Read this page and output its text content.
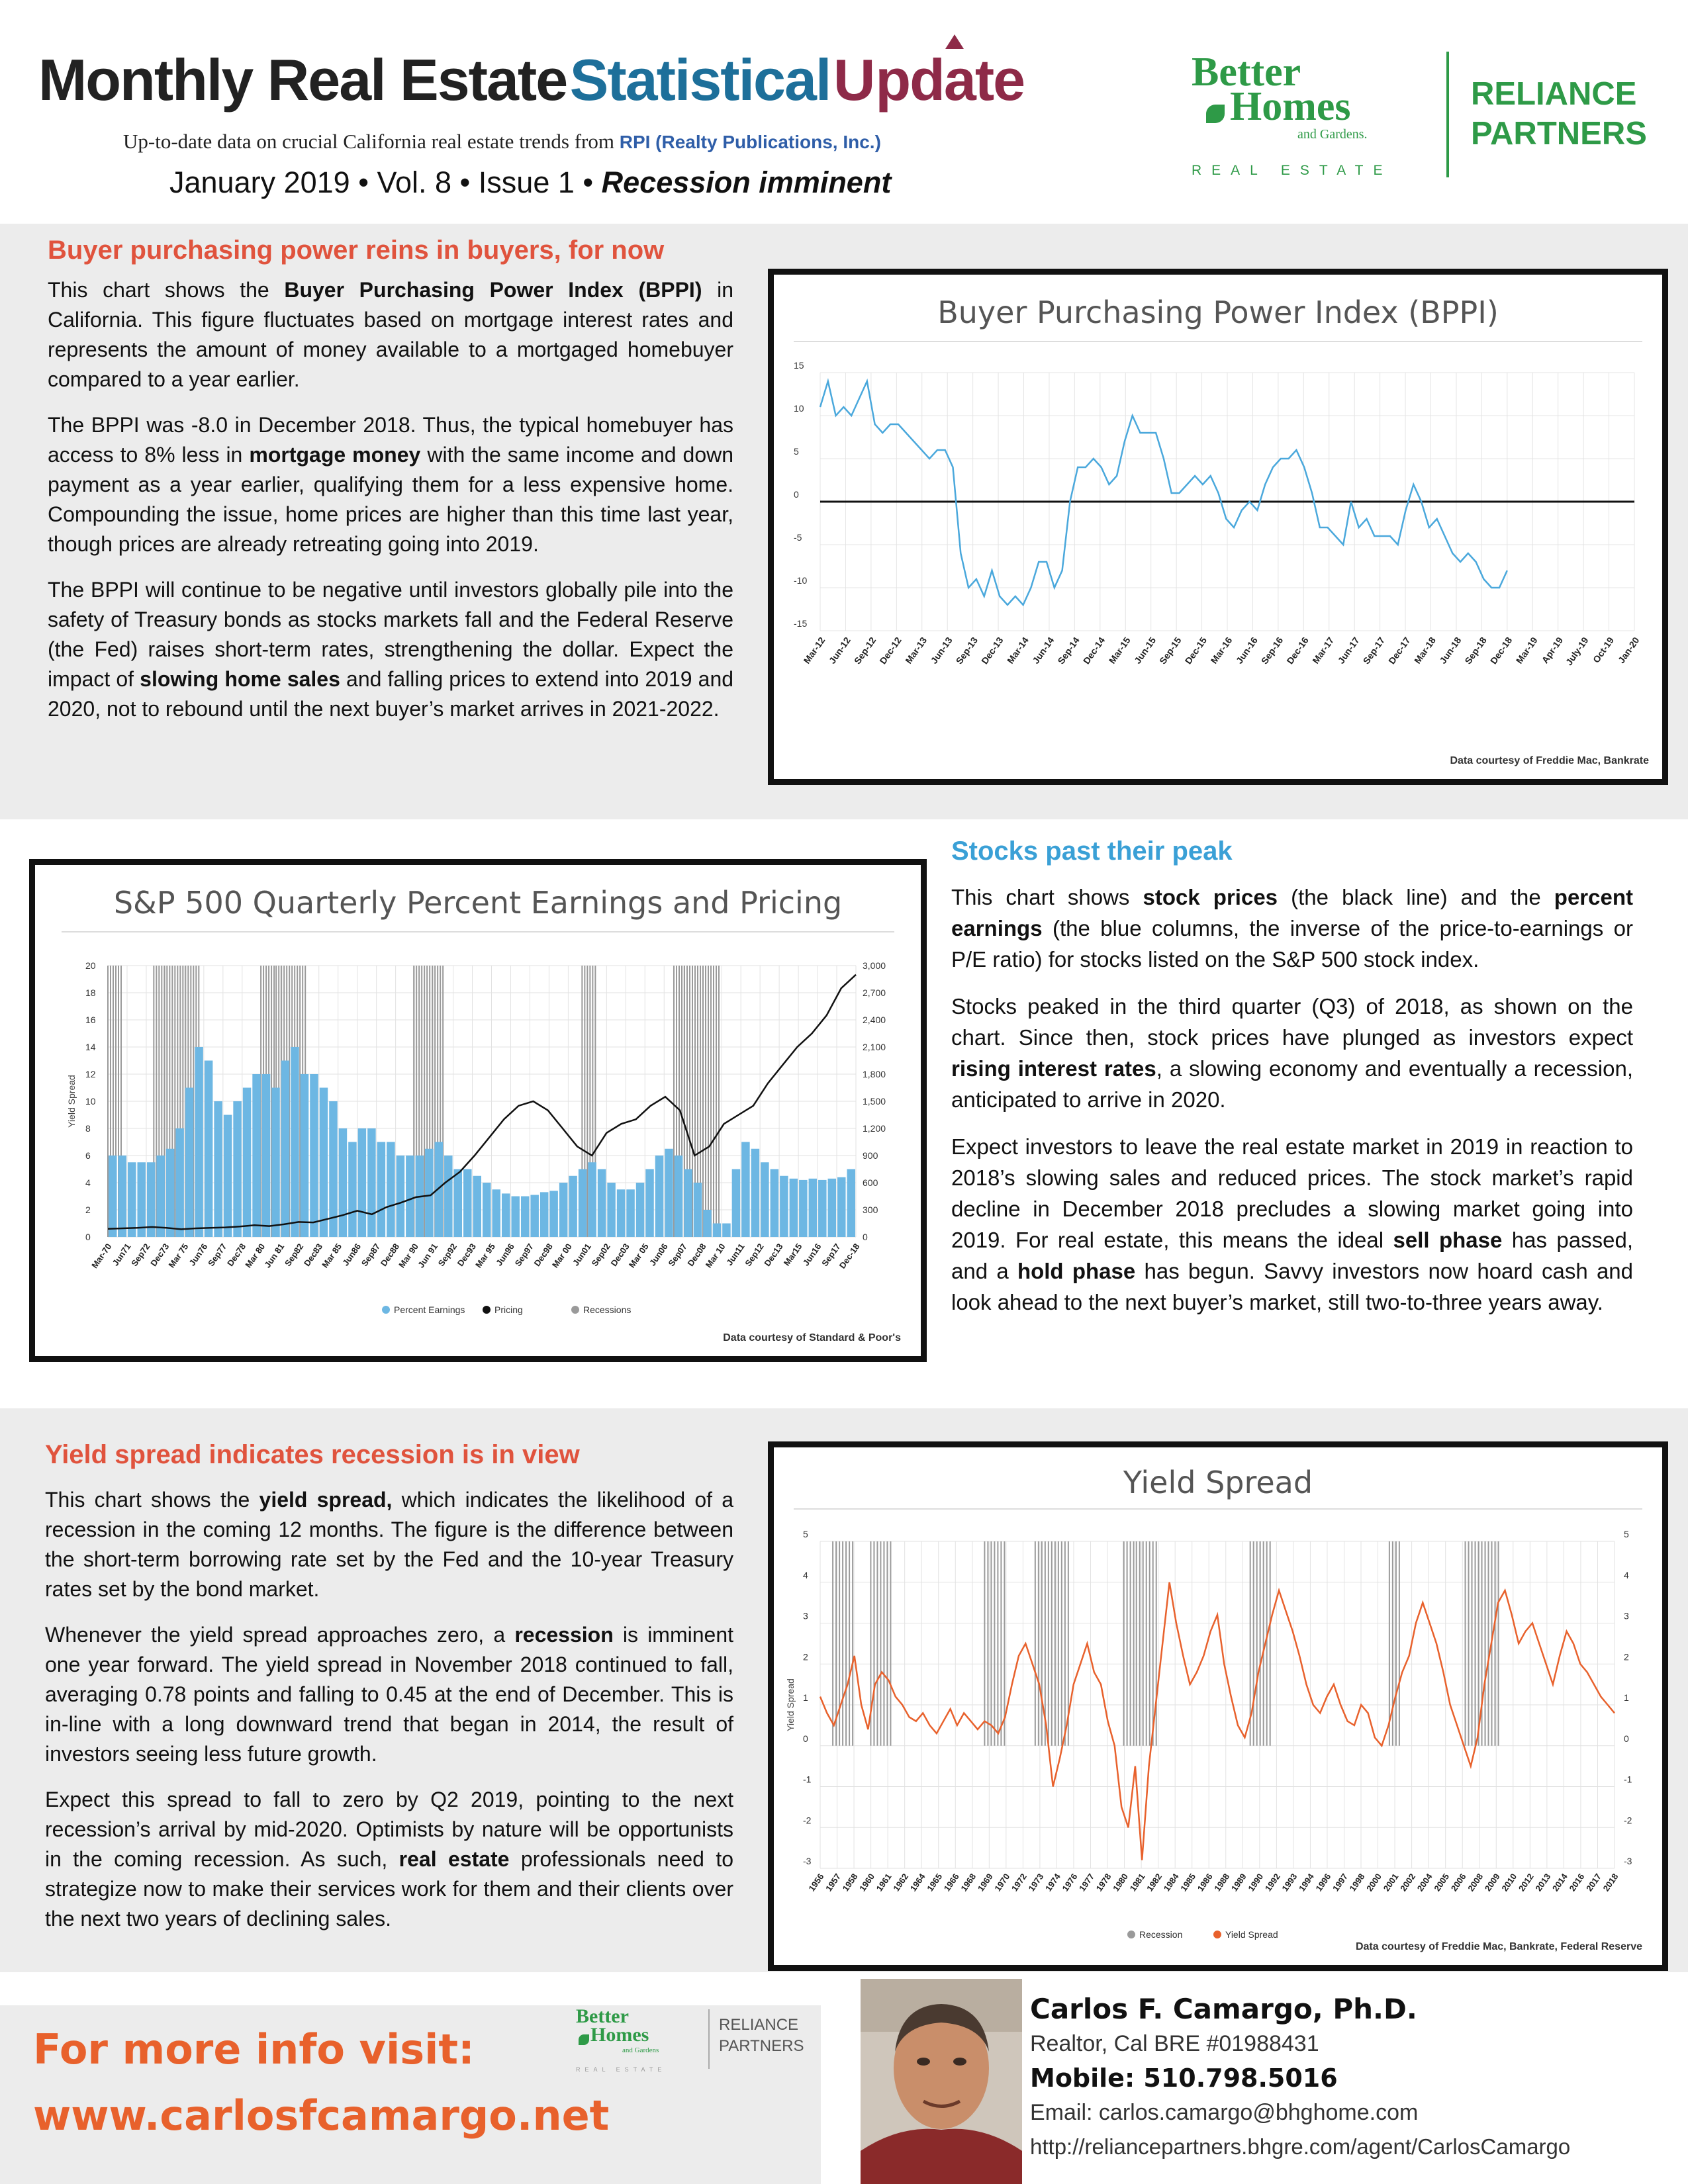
Monthly Real Estate Statistical Update
Up-to-date data on crucial California real estate trends from RPI (Realty Publications, Inc.)
January 2019 • Vol. 8 • Issue 1 • Recession imminent
Better
Homes
and Gardens.
REAL ESTATE
RELIANCE
PARTNERS
Buyer purchasing power reins in buyers, for now

This chart shows the Buyer Purchasing Power Index (BPPI) in California. This figure fluctuates based on mortgage interest rates and represents the amount of money available to a mortgaged homebuyer compared to a year earlier.

The BPPI was -8.0 in December 2018. Thus, the typical homebuyer has access to 8% less in mortgage money with the same income and down payment as a year earlier, qualifying them for a less expensive home. Compounding the issue, home prices are higher than this time last year, though prices are already retreating going into 2019.

The BPPI will continue to be negative until investors globally pile into the safety of Treasury bonds as stocks markets fall and the Federal Reserve (the Fed) raises short-term rates, strengthening the dollar. Expect the impact of slowing home sales and falling prices to extend into 2019 and 2020, not to rebound until the next buyer’s market arrives in 2021-2022.

Buyer Purchasing Power Index (BPPI)
15
10
5
0
-5
-10
-15
Mar-12 Jun-12
Sep-12
Dec-12 Mar-13 Jun-13
Sep-13
Dec-13 Mar-14 Jun-14
Sep-14
Dec-14 Mar-15 Jun-15
Sep-15
Dec-15 Mar-16 Jun-16
Sep-16
Dec-16 Mar-17 Jun-17
Sep-17
Dec-17 Mar-18 Jun-18
Sep-18
Dec-18 Mar-19 Apr-19
July-19 Oct-19 Jan-20
Data courtesy of Freddie Mac, Bankrate
S&P 500 Quarterly Percent Earnings and Pricing
0
2
4
6
8
10
12
14
16
18
20
0
300
600
900
1,200
1,500
1,800
2,100
2,400
2,700
3,000
Yield Spread
Mar-70
Jun71
Sep72
Dec73
Mar 75
Jun76
Sep77
Dec78
Mar 80
Jun 81
Sep82
Dec83
Mar 85
Jun86
Sep87
Dec88
Mar 90
Jun 91
Sep92
Dec93
Mar 95
Jun96
Sep97
Dec98
Mar 00
Jun01
Sep02
Dec03
Mar 05
Jun06
Sep07
Dec08
Mar 10
Jun11
Sep12
Dec13
Mar15
Jun16
Sep17
Dec-18
Percent Earnings	Pricing	Recessions
Data courtesy of Standard & Poor's
Stocks past their peak

This chart shows stock prices (the black line) and the percent earnings (the blue columns, the inverse of the price-to-earnings or P/E ratio) for stocks listed on the S&P 500 stock index.

Stocks peaked in the third quarter (Q3) of 2018, as shown on the chart. Since then, stock prices have plunged as investors expect rising interest rates, a slowing economy and eventually a recession, anticipated to arrive in 2020.

Expect investors to leave the real estate market in 2019 in reaction to 2018’s slowing sales and reduced prices. The stock market’s rapid decline in December 2018 precludes a slowing market going into 2019. For real estate, this means the ideal sell phase has passed, and a hold phase has begun. Savvy investors now hoard cash and look ahead to the next buyer’s market, still two-to-three years away.

Yield spread indicates recession is in view

This chart shows the yield spread, which indicates the likelihood of a recession in the coming 12 months. The figure is the difference between the short-term borrowing rate set by the Fed and the 10-year Treasury rates set by the bond market.

Whenever the yield spread approaches zero, a recession is imminent one year forward. The yield spread in November 2018 continued to fall, averaging 0.78 points and falling to 0.45 at the end of December. This is in-line with a long downward trend that began in 2014, the result of investors seeing less future growth.

Expect this spread to fall to zero by Q2 2019, pointing to the next recession’s arrival by mid-2020. Optimists by nature will be opportunists in the coming recession. As such, real estate professionals need to strategize now to make their services work for them and their clients over the next two years of declining sales.

Yield Spread
5	5
4	4
3	3
2	2
1	1
0	0
-1	-1
-2	-2
-3	-3
Yield Spread
1956
1957
1958
1960
1961
1962
1964
1965
1966
1968
1969
1970
1972
1973
1974
1976
1977
1978
1980
1981
1982
1984
1985
1986
1988
1989
1990
1992
1993
1994
1996
1997
1998
2000
2001
2002
2004
2005
2006
2008
2009
2010
2012
2013
2014
2016
2017
2018
Recession	Yield Spread
Data courtesy of Freddie Mac, Bankrate, Federal Reserve
For more info visit:
www.carlosfcamargo.net
Better
Homes
and Gardens
REAL ESTATE
RELIANCE
PARTNERS
Carlos F. Camargo, Ph.D.
Realtor, Cal BRE #01988431
Mobile: 510.798.5016
Email: carlos.camargo@bhghome.com
http://reliancepartners.bhgre.com/agent/CarlosCamargo
